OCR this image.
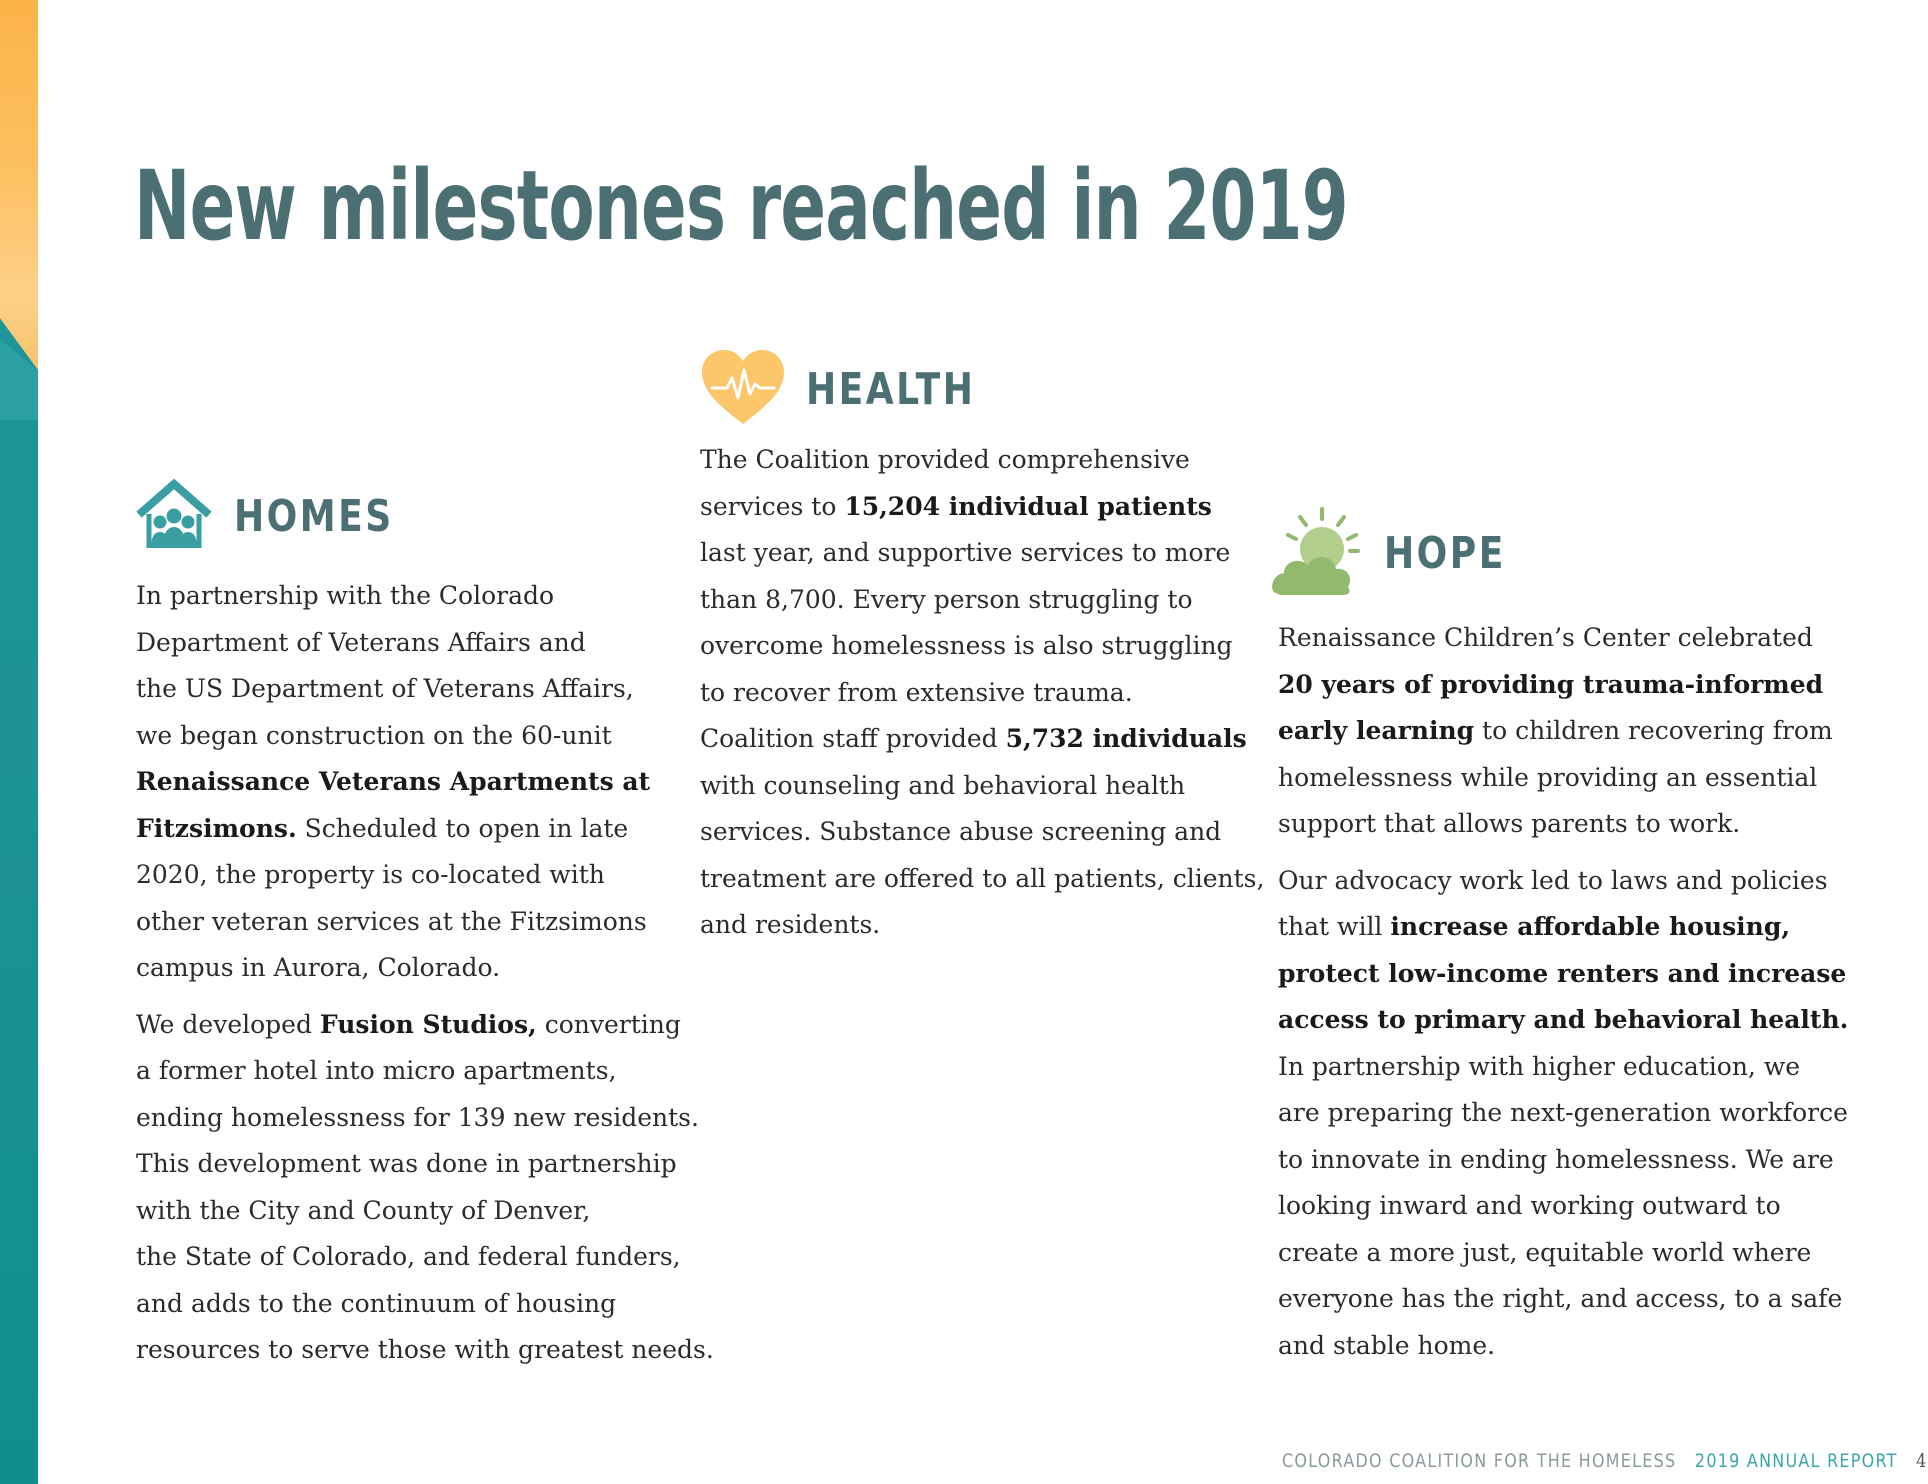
New milestones reached in 2019
HOMES

In partnership with the Colorado
Department of Veterans Affairs and
the US Department of Veterans Affairs,
we began construction on the 60-unit
Renaissance Veterans Apartments at
Fitzsimons. Scheduled to open in late
2020, the property is co-located with
other veteran services at the Fitzsimons
campus in Aurora, Colorado.

We developed Fusion Studios, converting
a former hotel into micro apartments,
ending homelessness for 139 new residents.
This development was done in partnership
with the City and County of Denver,
the State of Colorado, and federal funders,
and adds to the continuum of housing
resources to serve those with greatest needs.

HEALTH

The Coalition provided comprehensive
services to 15,204 individual patients
last year, and supportive services to more
than 8,700. Every person struggling to
overcome homelessness is also struggling
to recover from extensive trauma.
Coalition staff provided 5,732 individuals
with counseling and behavioral health
services. Substance abuse screening and
treatment are offered to all patients, clients,
and residents.

HOPE

Renaissance Children’s Center celebrated
20 years of providing trauma-informed
early learning to children recovering from
homelessness while providing an essential
support that allows parents to work.

Our advocacy work led to laws and policies
that will increase affordable housing,
protect low-income renters and increase
access to primary and behavioral health.
In partnership with higher education, we
are preparing the next-generation workforce
to innovate in ending homelessness. We are
looking inward and working outward to
create a more just, equitable world where
everyone has the right, and access, to a safe
and stable home.

COLORADO COALITION FOR THE HOMELESS 2019 ANNUAL REPORT 4
